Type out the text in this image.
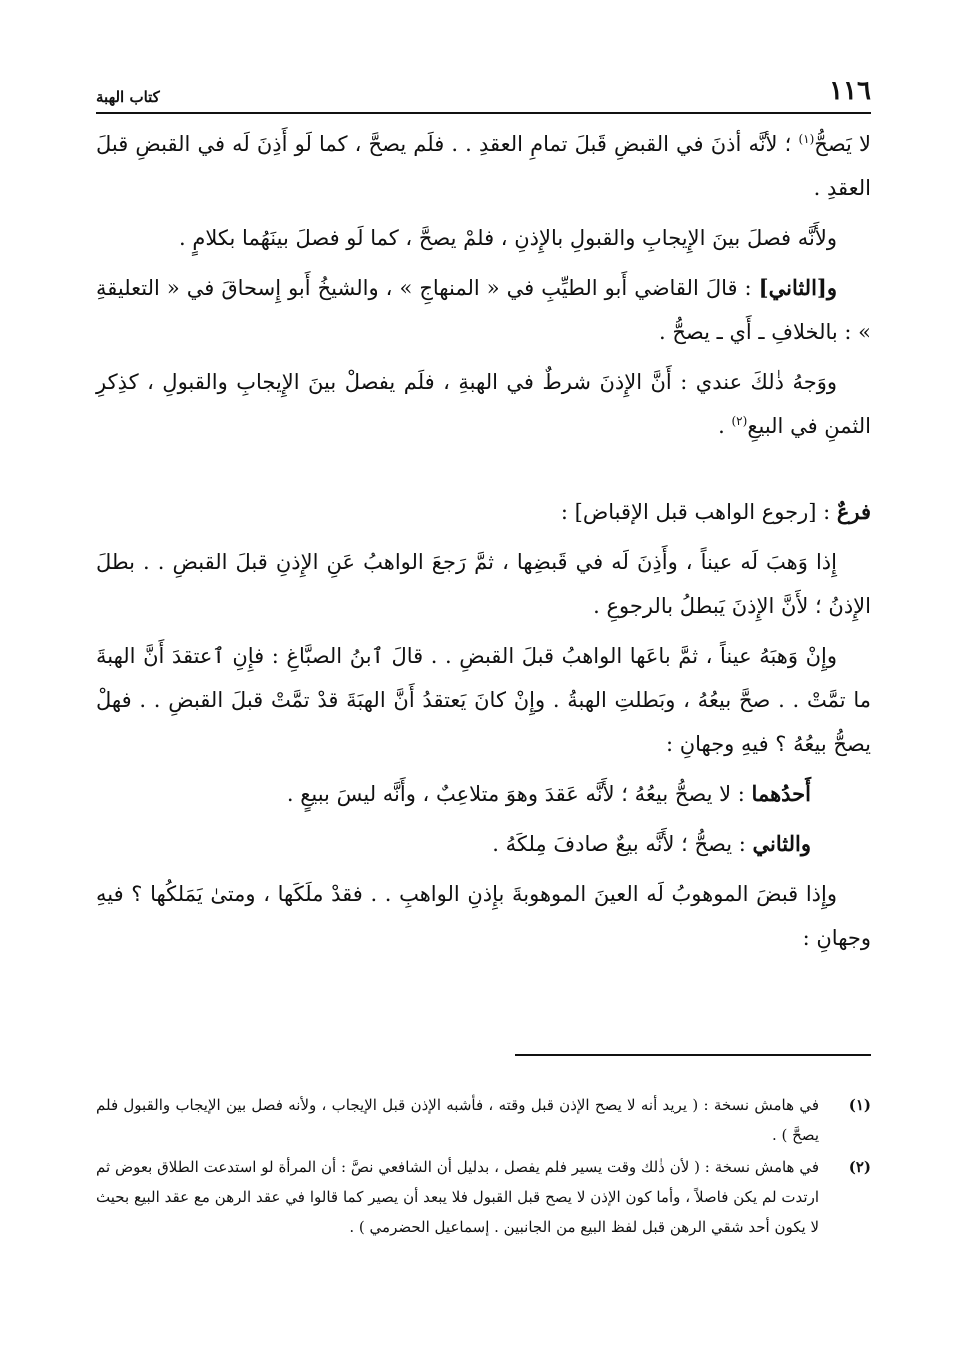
١١٦
كتاب الهبة

لا يَصحُّ$^{(١)}$ ؛ لأنَّه أذنَ في القبضِ قَبلَ تمامِ العقدِ . . فلَم يصحَّ ، كما لَو أَذِنَ لَه في القبضِ قبلَ العقدِ .

ولأَنَّه فصلَ بينَ الإِيجابِ والقبولِ بالإِذنِ ، فلمْ يصحَّ ، كما لَو فصلَ بينَهُما بكلامٍ .

و[الثاني] : قالَ القاضي أَبو الطيِّبِ في « المنهاجِ » ، والشيخُ أَبو إِسحاقَ في « التعليقةِ » : بالخلافِ ـ أَي ـ يصحُّ .

ووَجهُ ذٰلكَ عندي : أَنَّ الإِذنَ شرطٌ في الهبةِ ، فلَم يفصلْ بينَ الإِيجابِ والقبولِ ، كذِكرِ الثمنِ في البيعِ$^{(٢)}$ .

فرعٌ : [رجوع الواهب قبل الإقباض] :

إِذا وَهبَ لَه عيناً ، وأَذِنَ لَه في قَبضِها ، ثمَّ رَجعَ الواهبُ عَنِ الإِذنِ قبلَ القبضِ . . بطلَ الإِذنُ ؛ لأَنَّ الإِذنَ يَبطلُ بالرجوعِ .

وإِنْ وَهبَهُ عيناً ، ثمَّ باعَها الواهبُ قبلَ القبضِ . . قالَ ٱبنُ الصبَّاغِ : فإِنِ ٱعتقدَ أَنَّ الهبةَ ما تمَّتْ . . صحَّ بيعُهُ ، وبَطلتِ الهبةُ . وإِنْ كانَ يَعتقدُ أَنَّ الهبَةَ قدْ تمَّتْ قبلَ القبضِ . . فهلْ يصحُّ بيعُهُ ؟ فيهِ وجهانِ :

أَحدُهما : لا يصحُّ بيعُهُ ؛ لأَنَّه عَقدَ وهوَ متلاعِبٌ ، وأَنَّه ليسَ ببيعٍ .

والثاني : يصحُّ ؛ لأَنَّه بيعٌ صادفَ مِلكَهُ .

وإِذا قبضَ الموهوبُ لَه العينَ الموهوبةَ بإِذنِ الواهبِ . . فقدْ ملَكَها ، ومتىٰ يَمَلكُها ؟ فيهِ وجهانِ :

(١)
في هامش نسخة : ( يريد أنه لا يصح الإذن قبل وقته ، فأشبه الإذن قبل الإيجاب ، ولأنه فصل بين الإيجاب والقبول فلم يصحَّ ) .
(٢)
في هامش نسخة : ( لأن ذٰلك وقت يسير فلم يفصل ، بدليل أن الشافعي نصَّ : أن المرأة لو استدعت الطلاق بعوض ثم ارتدت لم يكن فاصلاً ، وأما كون الإذن لا يصح قبل القبول فلا يبعد أن يصير كما قالوا في عقد الرهن مع عقد البيع بحيث لا يكون أحد شقي الرهن قبل لفظ البيع من الجانبين . إسماعيل الحضرمي ) .
